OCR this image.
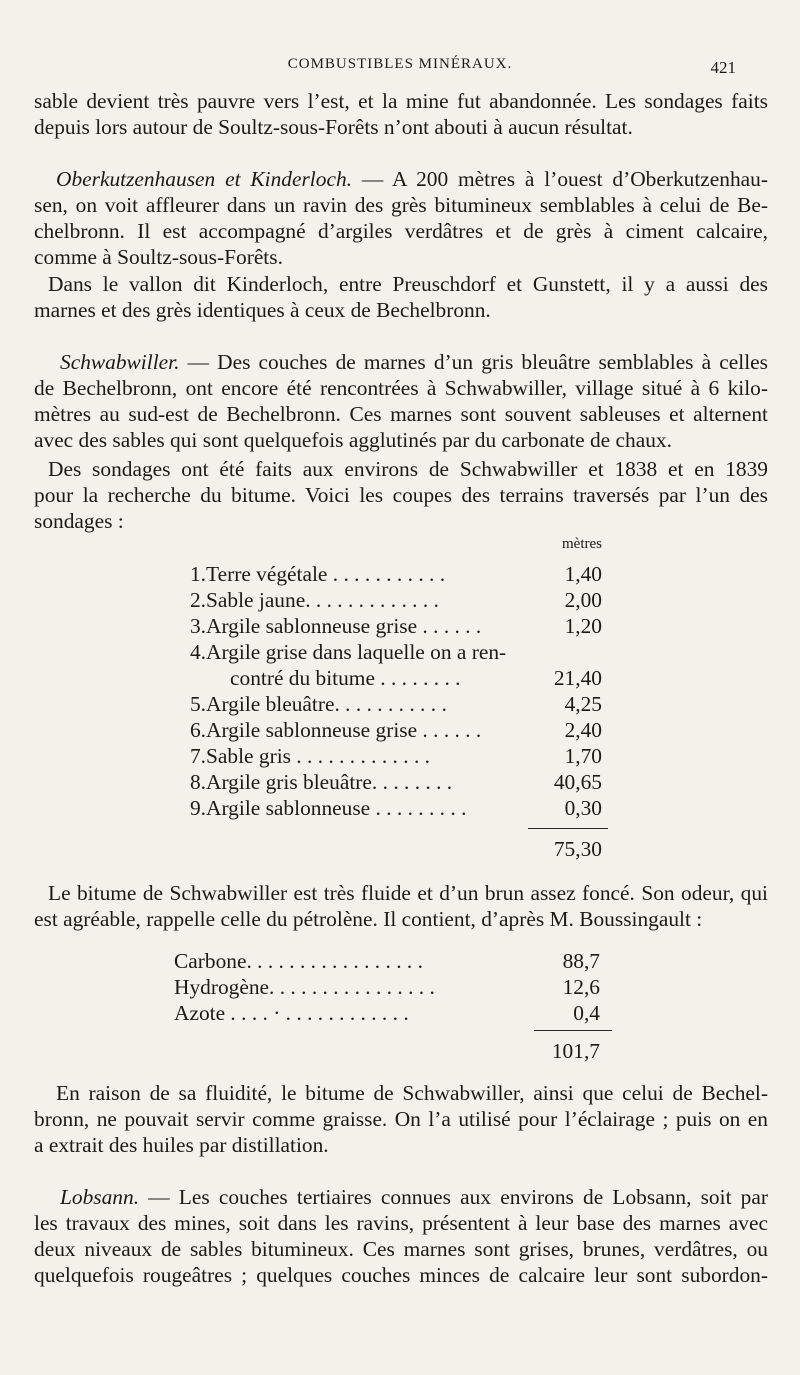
COMBUSTIBLES MINÉRAUX.	421
sable devient très pauvre vers l’est, et la mine fut abandonnée. Les sondages faits
depuis lors autour de Soultz-sous-Forêts n’ont abouti à aucun résultat.
Oberkutzenhausen et Kinderloch. — A 200 mètres à l’ouest d’Oberkutzenhau-
sen, on voit affleurer dans un ravin des grès bitumineux semblables à celui de Be-
chelbronn. Il est accompagné d’argiles verdâtres et de grès à ciment calcaire,
comme à Soultz-sous-Forêts.
Dans le vallon dit Kinderloch, entre Preuschdorf et Gunstett, il y a aussi des
marnes et des grès identiques à ceux de Bechelbronn.
Schwabwiller. — Des couches de marnes d’un gris bleuâtre semblables à celles
de Bechelbronn, ont encore été rencontrées à Schwabwiller, village situé à 6 kilo-
mètres au sud-est de Bechelbronn. Ces marnes sont souvent sableuses et alternent
avec des sables qui sont quelquefois agglutinés par du carbonate de chaux.
Des sondages ont été faits aux environs de Schwabwiller et 1838 et en 1839
pour la recherche du bitume. Voici les coupes des terrains traversés par l’un des
sondages :
mètres
1. Terre végétale . . . . . . . . . . .	1,40
2. Sable jaune. . . . . . . . . . . . .	2,00
3. Argile sablonneuse grise . . . . . .	1,20
4. Argile grise dans laquelle on a ren-
contré du bitume . . . . . . . .	21,40
5. Argile bleuâtre. . . . . . . . . . .	4,25
6. Argile sablonneuse grise . . . . . .	2,40
7. Sable gris . . . . . . . . . . . . .	1,70
8. Argile gris bleuâtre. . . . . . . .	40,65
9. Argile sablonneuse . . . . . . . . .	0,30
75,30
Le bitume de Schwabwiller est très fluide et d’un brun assez foncé. Son odeur, qui
est agréable, rappelle celle du pétrolène. Il contient, d’après M. Boussingault :
Carbone. . . . . . . . . . . . . . . . .	88,7
Hydrogène. . . . . . . . . . . . . . . .	12,6
Azote . . . . · . . . . . . . . . . . .	0,4
101,7
En raison de sa fluidité, le bitume de Schwabwiller, ainsi que celui de Bechel-
bronn, ne pouvait servir comme graisse. On l’a utilisé pour l’éclairage ; puis on en
a extrait des huiles par distillation.
Lobsann. — Les couches tertiaires connues aux environs de Lobsann, soit par
les travaux des mines, soit dans les ravins, présentent à leur base des marnes avec
deux niveaux de sables bitumineux. Ces marnes sont grises, brunes, verdâtres, ou
quelquefois rougeâtres ; quelques couches minces de calcaire leur sont subordon-
